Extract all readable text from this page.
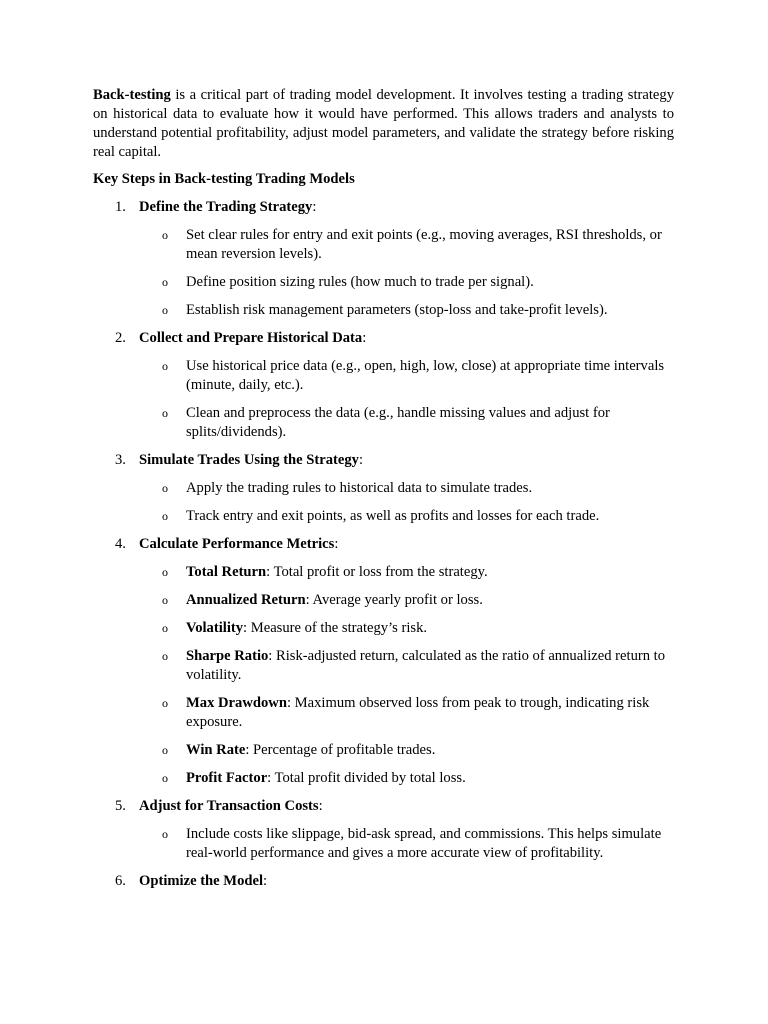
Back-testing is a critical part of trading model development. It involves testing a trading strategy on historical data to evaluate how it would have performed. This allows traders and analysts to understand potential profitability, adjust model parameters, and validate the strategy before risking real capital.

Key Steps in Back-testing Trading Models
1. Define the Trading Strategy:
o Set clear rules for entry and exit points (e.g., moving averages, RSI thresholds, or mean reversion levels).
o Define position sizing rules (how much to trade per signal).
o Establish risk management parameters (stop-loss and take-profit levels).
2. Collect and Prepare Historical Data:
o Use historical price data (e.g., open, high, low, close) at appropriate time intervals (minute, daily, etc.).
o Clean and preprocess the data (e.g., handle missing values and adjust for splits/dividends).
3. Simulate Trades Using the Strategy:
o Apply the trading rules to historical data to simulate trades.
o Track entry and exit points, as well as profits and losses for each trade.
4. Calculate Performance Metrics:
o Total Return: Total profit or loss from the strategy.
o Annualized Return: Average yearly profit or loss.
o Volatility: Measure of the strategy’s risk.
o Sharpe Ratio: Risk-adjusted return, calculated as the ratio of annualized return to volatility.
o Max Drawdown: Maximum observed loss from peak to trough, indicating risk exposure.
o Win Rate: Percentage of profitable trades.
o Profit Factor: Total profit divided by total loss.
5. Adjust for Transaction Costs:
o Include costs like slippage, bid-ask spread, and commissions. This helps simulate real-world performance and gives a more accurate view of profitability.
6. Optimize the Model:
